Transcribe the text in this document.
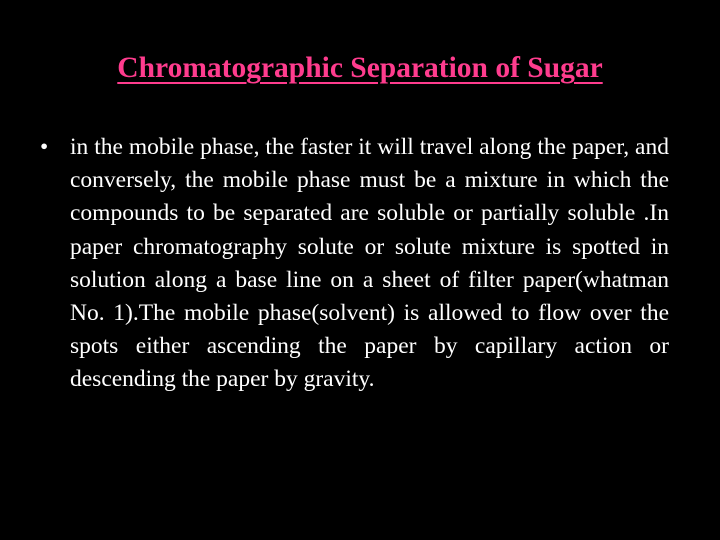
Chromatographic Separation of Sugar
• in the mobile phase, the faster it will travel along the paper, and conversely, the mobile phase must be a mixture in which the compounds to be separated are soluble or partially soluble .In paper chromatography solute or solute mixture is spotted in solution along a base line on a sheet of filter paper(whatman No. 1).The mobile phase(solvent) is allowed to flow over the spots either ascending the paper by capillary action or descending the paper by gravity.
